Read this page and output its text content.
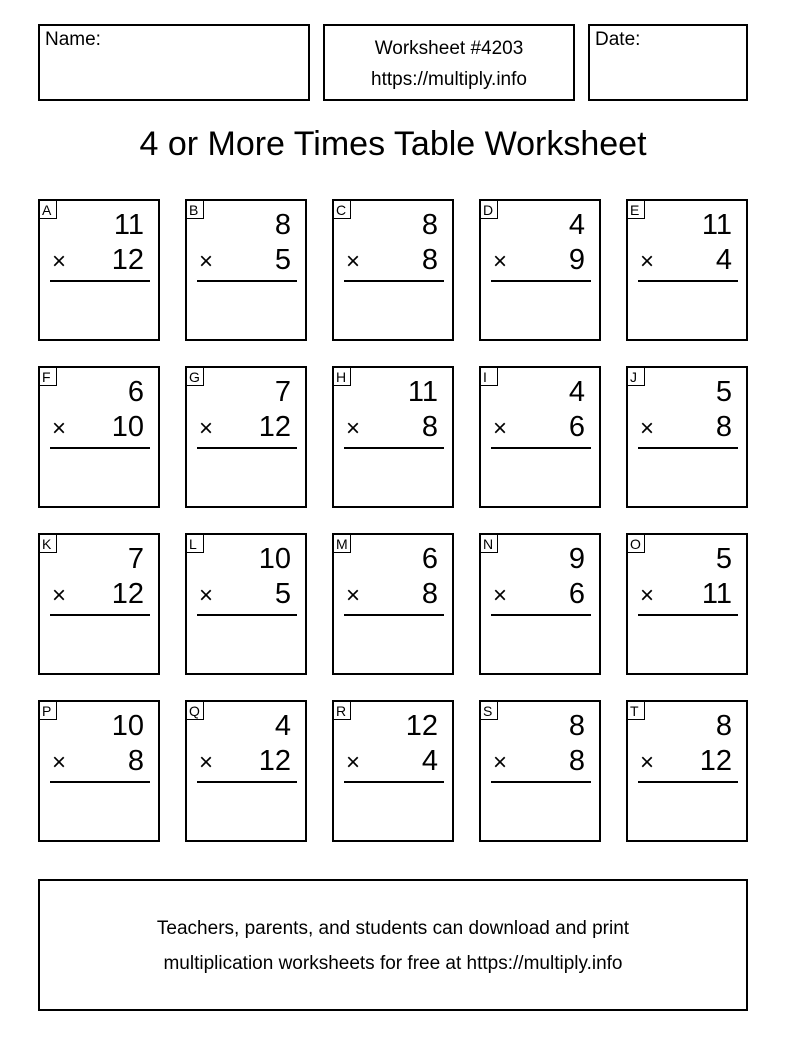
Name:	Worksheet #4203
https://multiply.info
Date:
4 or More Times Table Worksheet
A 11
× 12
B	8
× 5
C	8
× 8
D	4
× 9
E 11
× 4
F	6
× 10
G	7
× 12
H 11
× 8
I	4
× 6
J	5
× 8
K	7
× 12
L 10
× 5
M	6
× 8
N	9
× 6
O	5
× 11
P 10
× 8
Q	4
× 12
R 12
× 4
S	8
× 8
T	8
× 12
Teachers, parents, and students can download and print
multiplication worksheets for free at https://multiply.info
